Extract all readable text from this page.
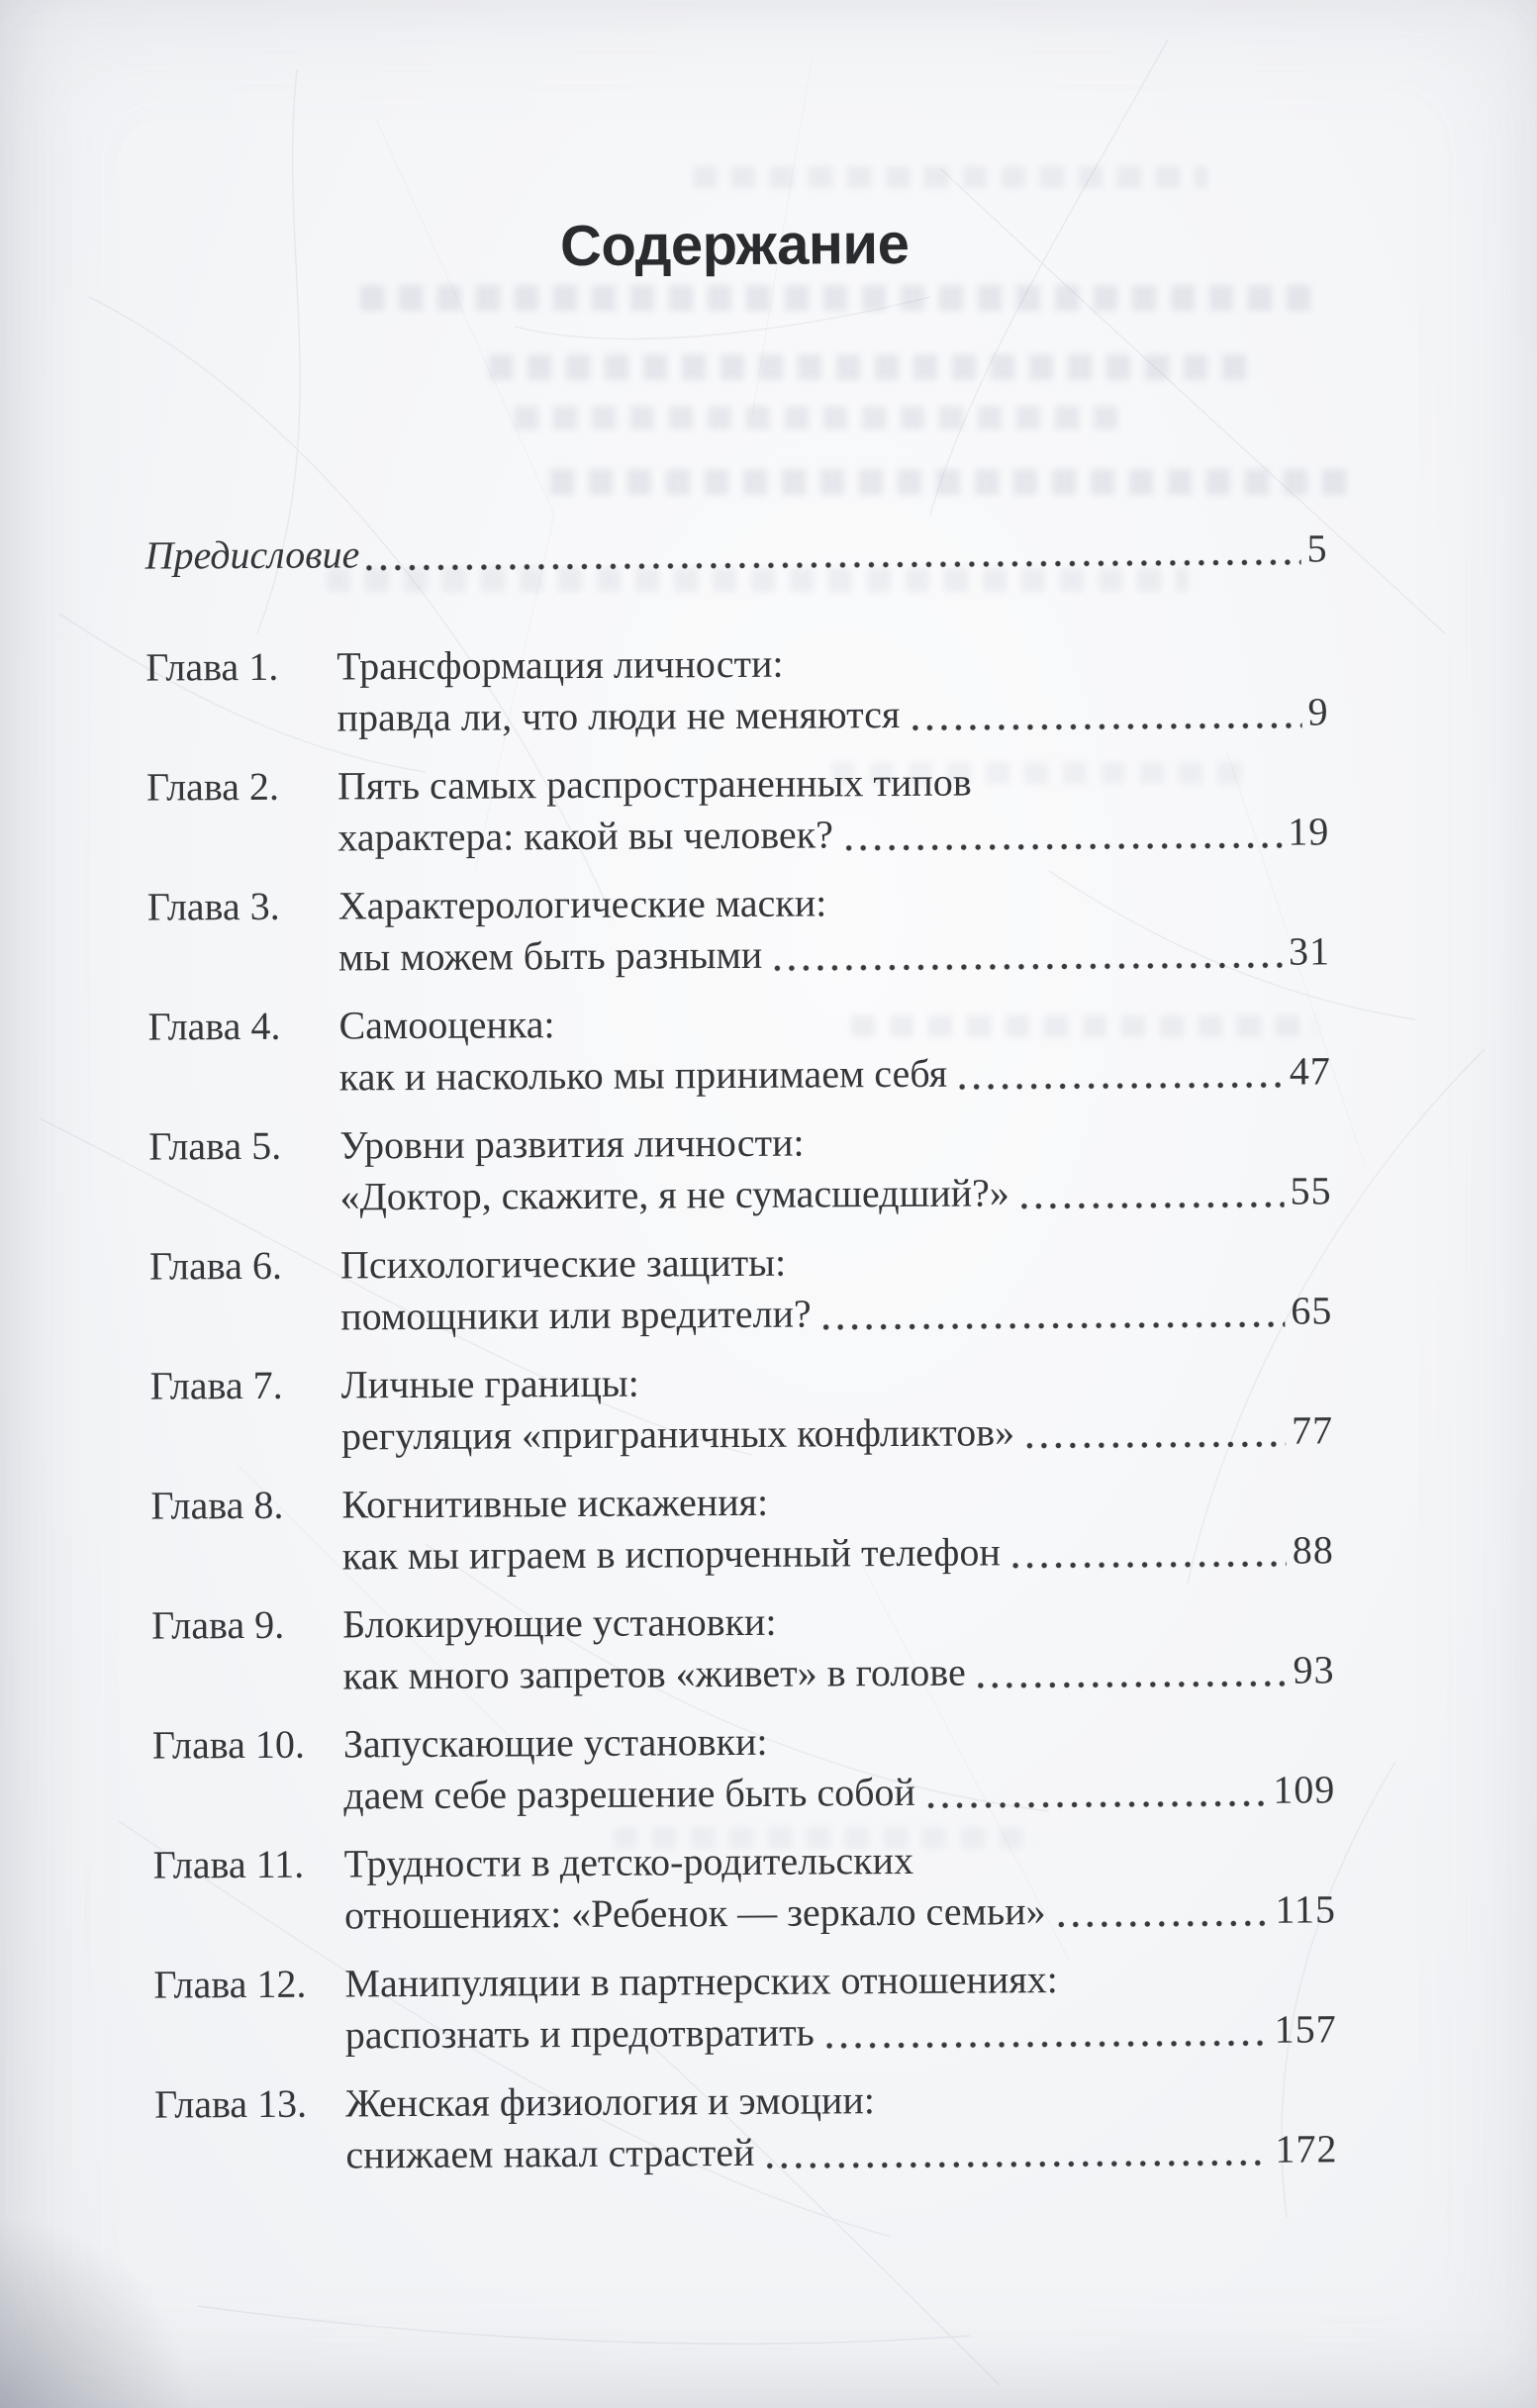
Содержание
Предисловие	5
Глава 1.	Трансформация личности:
правда ли, что люди не меняются	9
Глава 2.	Пять самых распространенных типов
характера: какой вы человек?	19
Глава 3.	Характерологические маски:
мы можем быть разными	31
Глава 4.	Самооценка:
как и насколько мы принимаем себя	47
Глава 5.	Уровни развития личности:
«Доктор, скажите, я не сумасшедший?»	55
Глава 6.	Психологические защиты:
помощники или вредители?	65
Глава 7.	Личные границы:
регуляция «приграничных конфликтов»	77
Глава 8.	Когнитивные искажения:
как мы играем в испорченный телефон	88
Глава 9.	Блокирующие установки:
как много запретов «живет» в голове	93
Глава 10. Запускающие установки:
даем себе разрешение быть собой	109
Глава 11.	Трудности в детско-родительских
отношениях: «Ребенок — зеркало семьи»	115
Глава 12. Манипуляции в партнерских отношениях:
распознать и предотвратить	157
Глава 13. Женская физиология и эмоции:
снижаем накал страстей	172
